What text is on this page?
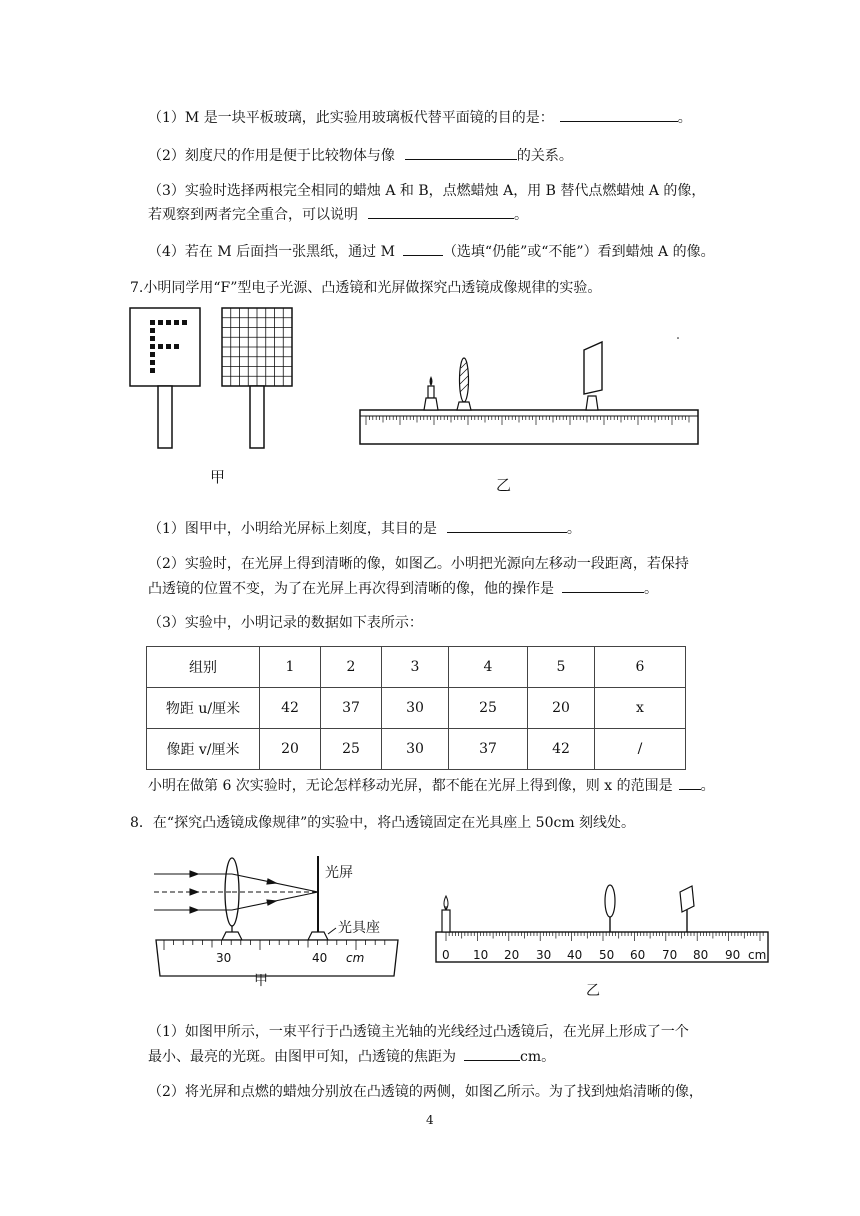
（1）M 是一块平板玻璃，此实验用玻璃板代替平面镜的目的是：	。
（2）刻度尺的作用是便于比较物体与像	的关系。
（3）实验时选择两根完全相同的蜡烛 A 和 B，点燃蜡烛 A，用 B 替代点燃蜡烛 A 的像，
若观察到两者完全重合，可以说明	。
（4）若在 M 后面挡一张黑纸，通过 M	（选填“仍能”或“不能”）看到蜡烛 A 的像。
7.小明同学用“F”型电子光源、凸透镜和光屏做探究凸透镜成像规律的实验。
甲	乙
（1）图甲中，小明给光屏标上刻度，其目的是	。
（2）实验时，在光屏上得到清晰的像，如图乙。小明把光源向左移动一段距离，若保持
凸透镜的位置不变，为了在光屏上再次得到清晰的像，他的操作是	。
（3）实验中，小明记录的数据如下表所示：
组别	1	2	3	4	5	6
物距 u/厘米	42	37	30	25	20	x
像距 v/厘米	20	25	30	37	42	/
小明在做第 6 次实验时，无论怎样移动光屏，都不能在光屏上得到像，则 x 的范围是 。
8．在“探究凸透镜成像规律”的实验中，将凸透镜固定在光具座上 50cm 刻线处。
光屏
光具座
30	40 cm
甲
0 10 20 30 40 50 60 70 80 90 cm
乙
（1）如图甲所示，一束平行于凸透镜主光轴的光线经过凸透镜后，在光屏上形成了一个
最小、最亮的光斑。由图甲可知，凸透镜的焦距为	cm。
（2）将光屏和点燃的蜡烛分别放在凸透镜的两侧，如图乙所示。为了找到烛焰清晰的像，
4
